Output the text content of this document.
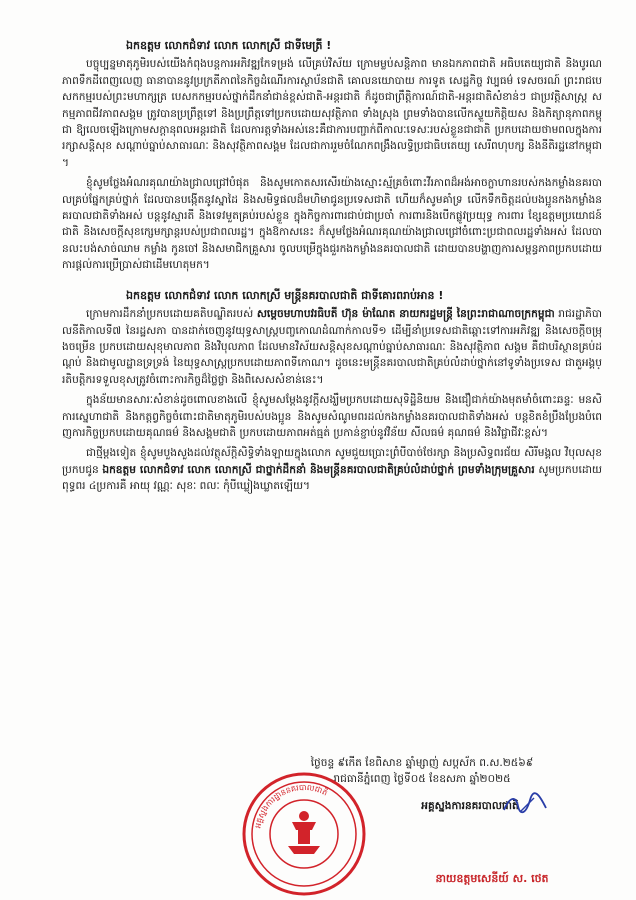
ឯកឧត្តម លោកជំទាវ លោក លោកស្រី ជាទីមេត្រី !

បច្ចុប្បន្នមាតុភូមិរបស់យើងកំពុងបន្តការអភិវឌ្ឍកែទម្រង់ លើគ្រប់វិស័យ ក្រោមម្លប់សន្តិភាព មានឯកភាពជាតិ អធិបតេយ្យជាតិ និងបូរណភាពទឹកដីពេញលេញ ធានាបាននូវប្រក្រតីភាពនៃកិច្ចដំណើរការស្ថាប័នជាតិ គោលនយោបាយ ការទូត សេដ្ឋកិច្ច វប្បធម៌ ទេសចរណ៍ ព្រះរាជបេសកកម្មរបស់ព្រះមហាក្សត្រ បេសកកម្មរបស់ថ្នាក់ដឹកនាំជាន់ខ្ពស់ជាតិ-អន្តរជាតិ ក៏ដូចជាព្រឹត្តិការណ៍ជាតិ-អន្តរជាតិសំខាន់ៗ ជាប្រវត្តិសាស្ត្រ សកម្មភាពជីវភាពសង្គម ត្រូវបានប្រព្រឹត្តទៅ និងប្រព្រឹត្តទៅប្រកបដោយសុវត្ថិភាព ទាំងស្រុង ព្រមទាំងបានលើកស្ទួយកិត្តិយស និងកិត្យានុភាពកម្ពុជា ឱ្យលេចឡើងក្រោមសក្តានុពលអន្តរជាតិ ដែលការត្តទាំងអស់នេះគឺជាការបញ្ជាក់ពីកាលៈទេសៈរបស់ខ្លួនជាជាតិ ប្រកបដោយថាមពលក្នុងការរក្សាសន្តិសុខ សណ្តាប់ធ្នាប់សាធារណៈ និងសុវត្ថិភាពសង្គម ដែលជាការរួមចំណែកពង្រឹងលទ្ធិប្រជាធិបតេយ្យ សេរីពហុបក្ស និងនីតិរដ្ឋនៅកម្ពុជា។

ខ្ញុំសូមថ្លែងអំណរគុណយ៉ាងជ្រាលជ្រៅបំផុត និងសូមកោតសរសើរយ៉ាងស្មោះស្ម័គ្រចំពោះវីរភាពដ៏អង់អាចក្លាហានរបស់កងកម្លាំងនគរបាលគ្រប់ផ្នែកគ្រប់ថ្នាក់ ដែលបានបង្កើតនូវស្នាដៃ និងសមិទ្ធផលដ៏មហិមាជូនប្រទេសជាតិ ហើយក៏សូមគាំទ្រ លើកទឹកចិត្តដល់បងប្អូនកងកម្លាំងនគរបាលជាតិទាំងអស់ បន្តនូវស្មារតី និងទេវមួតគ្រប់របស់ខ្លួន ក្នុងកិច្ចការពារជាប់ជាប្រចាំ ការពារនិងបើកផ្លូវប្រយុទ្ធ ការពារ ខ្សែឧត្តមប្រយោជន៍ជាតិ និងសេចក្តីសុខក្សេមក្សាន្តរបស់ប្រជាពលរដ្ឋ។ ក្នុងឱកាសនេះ ក៏សូមថ្លែងអំណរគុណយ៉ាងជ្រាលជ្រៅចំពោះប្រជាពលរដ្ឋទាំងអស់ ដែលបានលះបង់សាច់ឈាម កម្លាំង កូនចៅ និងសមាជិកគ្រួសារ ចូលបម្រើក្នុងជួរកងកម្លាំងនគរបាលជាតិ ដោយបានបង្ហាញការសម្ពន្ធភាពប្រកបដោយការផ្ដល់ការប្រើប្រាស់ជាដើមហេតុមក។

ឯកឧត្តម លោកជំទាវ លោក លោកស្រី មន្ត្រីនគរបាលជាតិ ជាទីគោរពរាប់អាន !

ក្រោមការដឹកនាំប្រកបដោយគតិបណ្ឌិតរបស់ សម្តេចមហាបវរធិបតី ហ៊ុន ម៉ាណែត នាយករដ្ឋមន្ត្រី នៃព្រះរាជាណាចក្រកម្ពុជា រាជរដ្ឋាភិបាលនីតិកាលទី៧ នៃរដ្ឋសភា បានដាក់ចេញនូវយុទ្ធសាស្ត្របញ្ចកោណដំណាក់កាលទី១ ដើម្បីនាំប្រទេសជាតិឆ្ពោះទៅការអភិវឌ្ឍ និងសេចក្តីចម្រុងចម្រើន ប្រកបដោយសុខុមាលភាព និងវិបុលភាព ដែលមានវិស័យសន្តិសុខសណ្តាប់ធ្នាប់សាធារណៈ និងសុវត្ថិភាព សង្គម គឺជាបរិស្ថានគ្រប់ដណ្តប់ និងជាមូលដ្ឋានទ្រទ្រង់ នៃយុទ្ធសាស្ត្រប្រកបដោយភាពទីកោណ។ ដូចនេះមន្ត្រីនគរបាលជាតិគ្រប់លំដាប់ថ្នាក់នៅទូទាំងប្រទេស ជាតួអង្គប្រតិបត្តិករទទួលខុសត្រូវចំពោះការកិច្ចដ៏ថ្លៃថ្លា និងពិសេសសំខាន់នេះ។

ក្នុងន័យមានសារៈសំខាន់ដូចពោលខាងលើ ខ្ញុំសូមសម្តែងនូវក្តីសង្ឃឹមប្រកបដោយសុទិដ្ឋិនិយម និងជឿជាក់យ៉ាងមុតមាំចំពោះឆន្ទៈ មនសិការស្នេហាជាតិ និងកត្តព្វកិច្ចចំពោះជាតិមាតុភូមិរបស់បងប្អូន និងសូមសំណូមពរដល់កងកម្លាំងនគរបាលជាតិទាំងអស់ បន្តខិតខំប្រឹងប្រែងបំពេញការកិច្ចប្រកបដោយគុណធម៌ និងសង្គមជាតិ ប្រកបដោយភាពអត់ធ្មត់ ប្រកាន់ខ្ជាប់នូវវិន័យ សីលធម៌ គុណធម៌ និងវិជ្ជាជីវៈខ្ពស់។

ជាថ្មីម្តងទៀត ខ្ញុំសូមបួងសួងដល់វត្ថុស័ក្តិសិទ្ធិទាំងឡាយក្នុងលោក សូមជួយប្រោះព្រំបីបាច់ថែរក្សា និងប្រសិទ្ធពរជ័យ សិរីមង្គល វិបុលសុខប្រកបជូន ឯកឧត្តម លោកជំទាវ លោក លោកស្រី ជាថ្នាក់ដឹកនាំ និងមន្ត្រីនគរបាលជាតិគ្រប់លំដាប់ថ្នាក់ ព្រមទាំងក្រុមគ្រួសារ សូមប្រកបដោយពុទ្ធពរ ៤ប្រការគឺ អាយុ វណ្ណៈ សុខៈ ពលៈ កុំបីឃ្លៀងឃ្លាតឡើយ។

ថ្ងៃចន្ទ ៩កើត ខែពិសាខ ឆ្នាំម្សាញ់ សប្តស័ក ព.ស.២៥៦៩
រាជធានីភ្នំពេញ ថ្ងៃទី០៥ ខែឧសភា ឆ្នាំ២០២៥
អគ្គស្នងការដ្ឋាននគរបាលជាតិ
អគ្គស្នងការនគរបាលជាតិ
នាយឧត្តមសេនីយ៍ ស. ថេត
